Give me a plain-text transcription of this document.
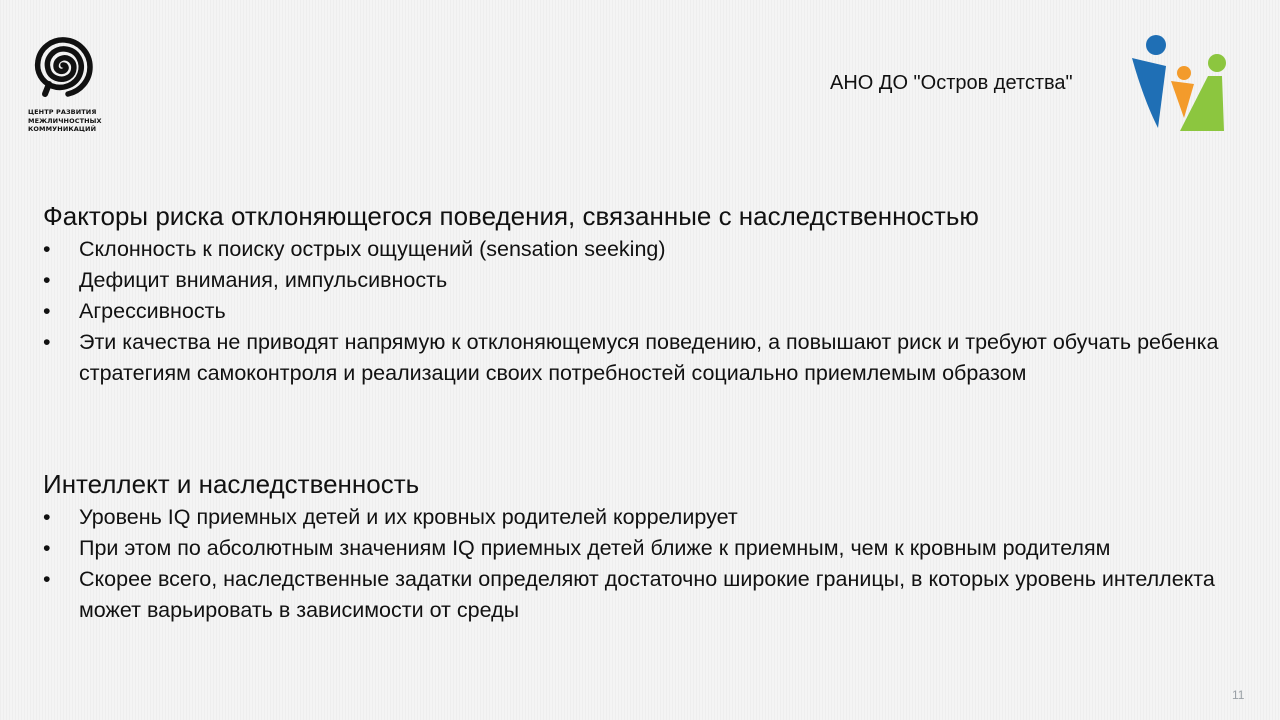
ЦЕНТР РАЗВИТИЯ
МЕЖЛИЧНОСТНЫХ
КОММУНИКАЦИЙ
АНО ДО "Остров детства"
Факторы риска отклоняющегося поведения, связанные с наследственностью
• Склонность к поиску острых ощущений (sensation seeking)
• Дефицит внимания, импульсивность
• Агрессивность
• Эти качества не приводят напрямую к отклоняющемуся поведению, а повышают риск и требуют обучать ребенка стратегиям самоконтроля и реализации своих потребностей социально приемлемым образом
Интеллект и наследственность
• Уровень IQ приемных детей и их кровных родителей коррелирует
• При этом по абсолютным значениям IQ приемных детей ближе к приемным, чем к кровным родителям
• Скорее всего, наследственные задатки определяют достаточно широкие границы, в которых уровень интеллекта может варьировать в зависимости от среды
11
